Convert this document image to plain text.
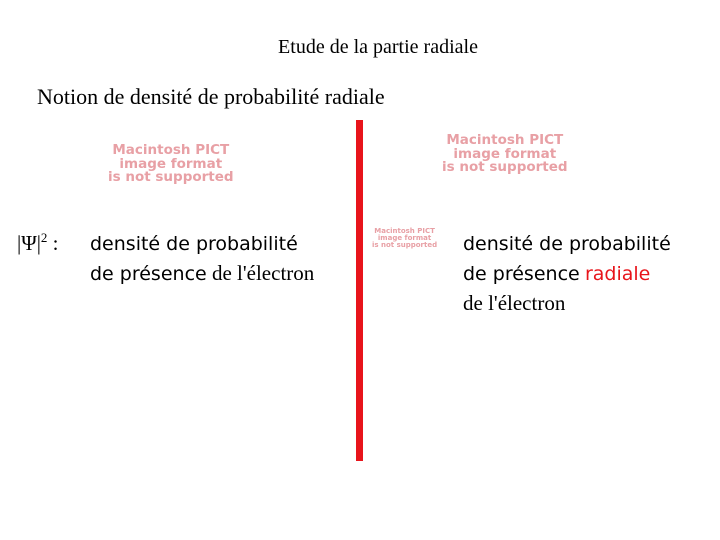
Etude de la partie radiale
Notion de densité de probabilité radiale
Macintosh PICT
image format
is not supported
Macintosh PICT
image format
is not supported
Macintosh PICT
image format
is not supported
$|\Psi|^2$ : densité de probabilité
de présence de l'électron
densité de probabilité
de présence radiale
de l'électron
